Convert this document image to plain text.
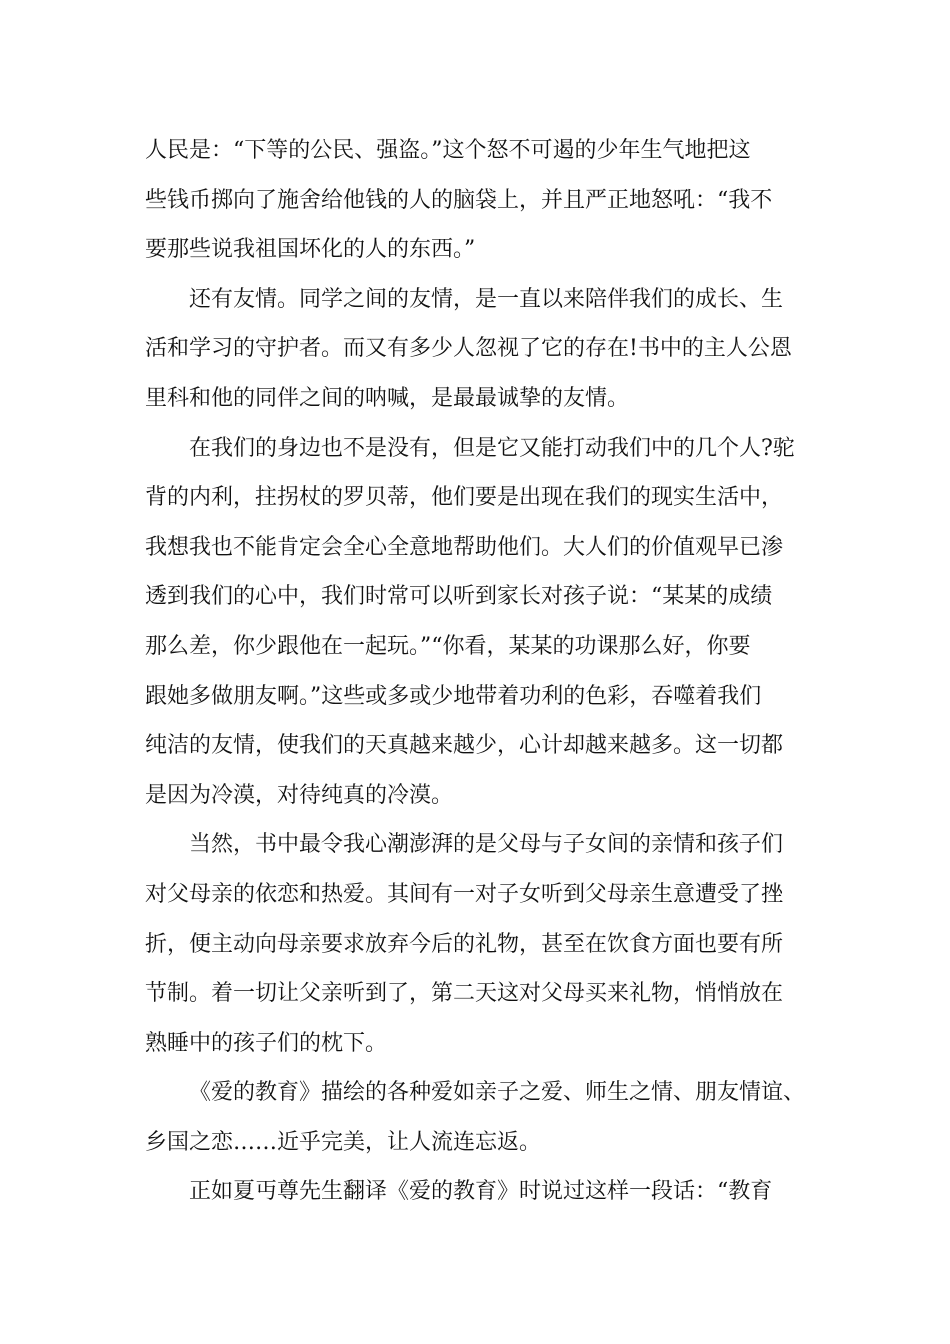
人民是：“下等的公民、强盗。”这个怒不可遏的少年生气地把这
些钱币掷向了施舍给他钱的人的脑袋上，并且严正地怒吼：“我不
要那些说我祖国坏化的人的东西。”
还有友情。同学之间的友情，是一直以来陪伴我们的成长、生
活和学习的守护者。而又有多少人忽视了它的存在!书中的主人公恩
里科和他的同伴之间的呐喊，是最最诚挚的友情。
在我们的身边也不是没有，但是它又能打动我们中的几个人?驼
背的内利，拄拐杖的罗贝蒂，他们要是出现在我们的现实生活中，
我想我也不能肯定会全心全意地帮助他们。大人们的价值观早已渗
透到我们的心中，我们时常可以听到家长对孩子说：“某某的成绩
那么差，你少跟他在一起玩。”“你看，某某的功课那么好，你要
跟她多做朋友啊。”这些或多或少地带着功利的色彩，吞噬着我们
纯洁的友情，使我们的天真越来越少，心计却越来越多。这一切都
是因为冷漠，对待纯真的冷漠。
当然，书中最令我心潮澎湃的是父母与子女间的亲情和孩子们
对父母亲的依恋和热爱。其间有一对子女听到父母亲生意遭受了挫
折，便主动向母亲要求放弃今后的礼物，甚至在饮食方面也要有所
节制。着一切让父亲听到了，第二天这对父母买来礼物，悄悄放在
熟睡中的孩子们的枕下。
《爱的教育》描绘的各种爱如亲子之爱、师生之情、朋友情谊、
乡国之恋……近乎完美，让人流连忘返。
正如夏丏尊先生翻译《爱的教育》时说过这样一段话：“教育
